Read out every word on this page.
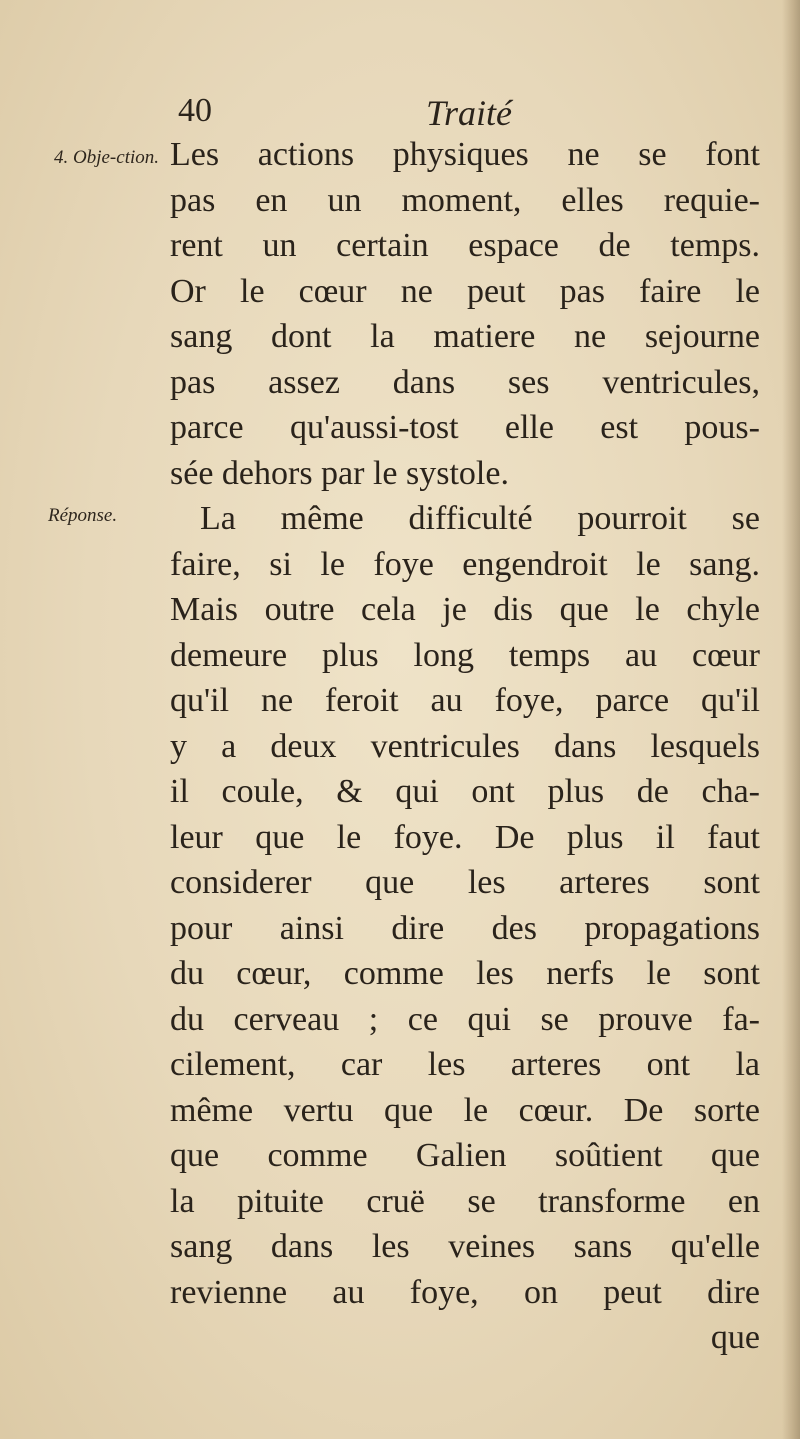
40	Traité
4. Obje-ction.
Réponse.
Les actions physiques ne se font
pas en un moment, elles requie-
rent un certain espace de temps.
Or le cœur ne peut pas faire le
sang dont la matiere ne sejourne
pas assez dans ses ventricules,
parce qu'aussi-tost elle est pous-
sée dehors par le systole.
La même difficulté pourroit se
faire, si le foye engendroit le sang.
Mais outre cela je dis que le chyle
demeure plus long temps au cœur
qu'il ne feroit au foye, parce qu'il
y a deux ventricules dans lesquels
il coule, & qui ont plus de cha-
leur que le foye. De plus il faut
considerer que les arteres sont
pour ainsi dire des propagations
du cœur, comme les nerfs le sont
du cerveau ; ce qui se prouve fa-
cilement, car les arteres ont la
même vertu que le cœur. De sorte
que comme Galien soûtient que
la pituite cruë se transforme en
sang dans les veines sans qu'elle
revienne au foye, on peut dire
que
